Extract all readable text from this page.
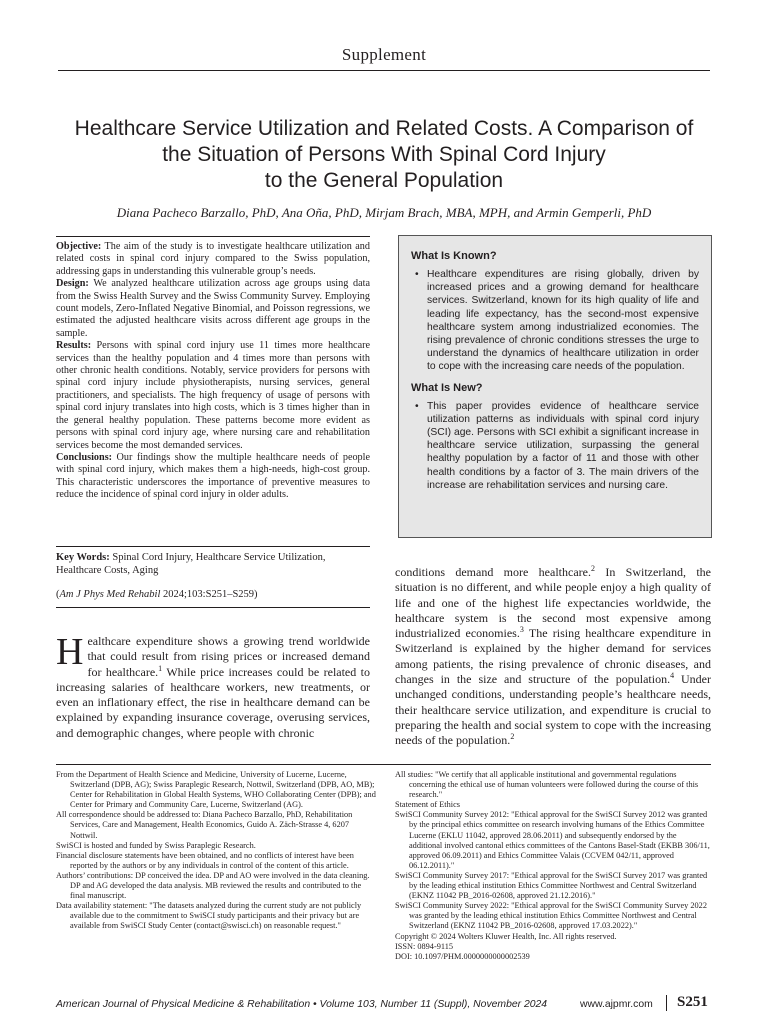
Supplement
Healthcare Service Utilization and Related Costs. A Comparison of
the Situation of Persons With Spinal Cord Injury
to the General Population
Diana Pacheco Barzallo, PhD, Ana Oña, PhD, Mirjam Brach, MBA, MPH, and Armin Gemperli, PhD

Objective: The aim of the study is to investigate healthcare utilization and related costs in spinal cord injury compared to the Swiss population, addressing gaps in understanding this vulnerable group’s needs.

Design: We analyzed healthcare utilization across age groups using data from the Swiss Health Survey and the Swiss Community Survey. Employing count models, Zero-Inflated Negative Binomial, and Poisson regressions, we estimated the adjusted healthcare visits across different age groups in the sample.

Results: Persons with spinal cord injury use 11 times more healthcare services than the healthy population and 4 times more than persons with other chronic health conditions. Notably, service providers for persons with spinal cord injury include physiotherapists, nursing services, general practitioners, and specialists. The high frequency of usage of persons with spinal cord injury translates into high costs, which is 3 times higher than in the general healthy population. These patterns become more evident as persons with spinal cord injury age, where nursing care and rehabilitation services become the most demanded services.

Conclusions: Our findings show the multiple healthcare needs of people with spinal cord injury, which makes them a high-needs, high-cost group. This characteristic underscores the importance of preventive measures to reduce the incidence of spinal cord injury in older adults.

Key Words: Spinal Cord Injury, Healthcare Service Utilization, Healthcare Costs, Aging
(Am J Phys Med Rehabil 2024;103:S251–S259)
What Is Known?
• Healthcare expenditures are rising globally, driven by increased prices and a growing demand for healthcare services. Switzerland, known for its high quality of life and leading life expectancy, has the second-most expensive healthcare system among industrialized economies. The rising prevalence of chronic conditions stresses the urge to understand the dynamics of healthcare utilization in order to cope with the increasing care needs of the population.
What Is New?
• This paper provides evidence of healthcare service utilization patterns as individuals with spinal cord injury (SCI) age. Persons with SCI exhibit a significant increase in healthcare service utilization, surpassing the general healthy population by a factor of 11 and those with other health conditions by a factor of 3. The main drivers of the increase are rehabilitation services and nursing care.
Healthcare expenditure shows a growing trend worldwide that could result from rising prices or increased demand for healthcare.$^1$ While price increases could be related to increasing salaries of healthcare workers, new treatments, or even an inflationary effect, the rise in healthcare demand can be explained by expanding insurance coverage, overusing services, and demographic changes, where people with chronic
conditions demand more healthcare.$^2$ In Switzerland, the situation is no different, and while people enjoy a high quality of life and one of the highest life expectancies worldwide, the healthcare system is the second most expensive among industrialized economies.$^3$ The rising healthcare expenditure in Switzerland is explained by the higher demand for services among patients, the rising prevalence of chronic diseases, and changes in the size and structure of the population.$^4$ Under unchanged conditions, understanding people’s healthcare needs, their healthcare service utilization, and expenditure is crucial to preparing the health and social system to cope with the increasing needs of the population.$^2$

From the Department of Health Science and Medicine, University of Lucerne, Lucerne, Switzerland (DPB, AG); Swiss Paraplegic Research, Nottwil, Switzerland (DPB, AO, MB); Center for Rehabilitation in Global Health Systems, WHO Collaborating Center (DPB); and Center for Primary and Community Care, Lucerne, Switzerland (AG).

All correspondence should be addressed to: Diana Pacheco Barzallo, PhD, Rehabilitation Services, Care and Management, Health Economics, Guido A. Zäch-Strasse 4, 6207 Nottwil.

SwiSCI is hosted and funded by Swiss Paraplegic Research.

Financial disclosure statements have been obtained, and no conflicts of interest have been reported by the authors or by any individuals in control of the content of this article.

Authors’ contributions: DP conceived the idea. DP and AO were involved in the data cleaning. DP and AG developed the data analysis. MB reviewed the results and contributed to the final manuscript.

Data availability statement: "The datasets analyzed during the current study are not publicly available due to the commitment to SwiSCI study participants and their privacy but are available from SwiSCI Study Center (contact@swisci.ch) on reasonable request."

All studies: "We certify that all applicable institutional and governmental regulations concerning the ethical use of human volunteers were followed during the course of this research."

Statement of Ethics

SwiSCI Community Survey 2012: "Ethical approval for the SwiSCI Survey 2012 was granted by the principal ethics committee on research involving humans of the Ethics Committee Lucerne (EKLU 11042, approved 28.06.2011) and subsequently endorsed by the additional involved cantonal ethics committees of the Cantons Basel-Stadt (EKBB 306/11, approved 06.09.2011) and Ethics Committee Valais (CCVEM 042/11, approved 06.12.2011)."

SwiSCI Community Survey 2017: "Ethical approval for the SwiSCI Survey 2017 was granted by the leading ethical institution Ethics Committee Northwest and Central Switzerland (EKNZ 11042 PB_2016-02608, approved 21.12.2016)."

SwiSCI Community Survey 2022: "Ethical approval for the SwiSCI Community Survey 2022 was granted by the leading ethical institution Ethics Committee Northwest and Central Switzerland (EKNZ 11042 PB_2016-02608, approved 17.03.2022)."

Copyright © 2024 Wolters Kluwer Health, Inc. All rights reserved.

ISSN: 0894-9115

DOI: 10.1097/PHM.0000000000002539

American Journal of Physical Medicine & Rehabilitation • Volume 103, Number 11 (Suppl), November 2024	www.ajpmr.com S251
